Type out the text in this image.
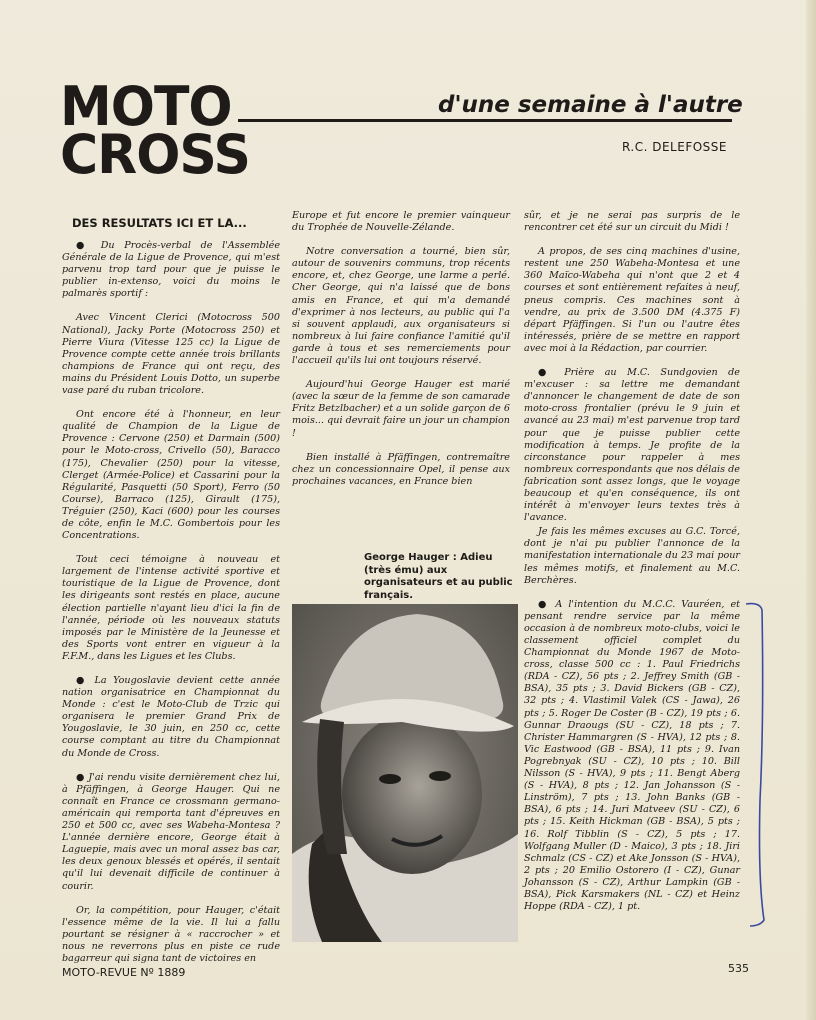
MOTO
CROSS
d'une semaine à l'autre
R.C. DELEFOSSE
DES RESULTATS ICI ET LA...

● Du Procès-verbal de l'Assemblée Générale de la Ligue de Provence, qui m'est parvenu trop tard pour que je puisse le publier in-extenso, voici du moins le palmarès sportif :

Avec Vincent Clerici (Motocross 500 National), Jacky Porte (Motocross 250) et Pierre Viura (Vitesse 125 cc) la Ligue de Provence compte cette année trois brillants champions de France qui ont reçu, des mains du Président Louis Dotto, un superbe vase paré du ruban tricolore.

Ont encore été à l'honneur, en leur qualité de Champion de la Ligue de Provence : Cervone (250) et Darmain (500) pour le Moto-cross, Crivello (50), Baracco (175), Chevalier (250) pour la vitesse, Clerget (Armée-Police) et Cassarini pour la Régularité, Pasquetti (50 Sport), Ferro (50 Course), Barraco (125), Girault (175), Tréguier (250), Kaci (600) pour les courses de côte, enfin le M.C. Gombertois pour les Concentrations.

Tout ceci témoigne à nouveau et largement de l'intense activité sportive et touristique de la Ligue de Provence, dont les dirigeants sont restés en place, aucune élection partielle n'ayant lieu d'ici la fin de l'année, période où les nouveaux statuts imposés par le Ministère de la Jeunesse et des Sports vont entrer en vigueur à la F.F.M., dans les Ligues et les Clubs.

● La Yougoslavie devient cette année nation organisatrice en Championnat du Monde : c'est le Moto-Club de Trzic qui organisera le premier Grand Prix de Yougoslavie, le 30 juin, en 250 cc, cette course comptant au titre du Championnat du Monde de Cross.

● J'ai rendu visite dernièrement chez lui, à Pfäffingen, à George Hauger. Qui ne connaît en France ce crossmann germano-américain qui remporta tant d'épreuves en 250 et 500 cc, avec ses Wabeha-Montesa ? L'année dernière encore, George était à Laguepie, mais avec un moral assez bas car, les deux genoux blessés et opérés, il sentait qu'il lui devenait difficile de continuer à courir.

Or, la compétition, pour Hauger, c'était l'essence même de la vie. Il lui a fallu pourtant se résigner à « raccrocher » et nous ne reverrons plus en piste ce rude bagarreur qui signa tant de victoires en

Europe et fut encore le premier vainqueur du Trophée de Nouvelle-Zélande.

Notre conversation a tourné, bien sûr, autour de souvenirs communs, trop récents encore, et, chez George, une larme a perlé. Cher George, qui n'a laissé que de bons amis en France, et qui m'a demandé d'exprimer à nos lecteurs, au public qui l'a si souvent applaudi, aux organisateurs si nombreux à lui faire confiance l'amitié qu'il garde à tous et ses remerciements pour l'accueil qu'ils lui ont toujours réservé.

Aujourd'hui George Hauger est marié (avec la sœur de la femme de son camarade Fritz Betzlbacher) et a un solide garçon de 6 mois... qui devrait faire un jour un champion !

Bien installé à Pfäffingen, contremaître chez un concessionnaire Opel, il pense aux prochaines vacances, en France bien

George Hauger : Adieu (très ému) aux organisateurs et au public français.

sûr, et je ne serai pas surpris de le rencontrer cet été sur un circuit du Midi !

A propos, de ses cinq machines d'usine, restent une 250 Wabeha-Montesa et une 360 Maïco-Wabeha qui n'ont que 2 et 4 courses et sont entièrement refaites à neuf, pneus compris. Ces machines sont à vendre, au prix de 3.500 DM (4.375 F) départ Pfäffingen. Si l'un ou l'autre êtes intéressés, prière de se mettre en rapport avec moi à la Rédaction, par courrier.

● Prière au M.C. Sundgovien de m'excuser : sa lettre me demandant d'annoncer le changement de date de son moto-cross frontalier (prévu le 9 juin et avancé au 23 mai) m'est parvenue trop tard pour que je puisse publier cette modification à temps. Je profite de la circonstance pour rappeler à mes nombreux correspondants que nos délais de fabrication sont assez longs, que le voyage beaucoup et qu'en conséquence, ils ont intérêt à m'envoyer leurs textes très à l'avance.

Je fais les mêmes excuses au G.C. Torcé, dont je n'ai pu publier l'annonce de la manifestation internationale du 23 mai pour les mêmes motifs, et finalement au M.C. Berchères.

● A l'intention du M.C.C. Vauréen, et pensant rendre service par la même occasion à de nombreux moto-clubs, voici le classement officiel complet du Championnat du Monde 1967 de Moto-cross, classe 500 cc : 1. Paul Friedrichs (RDA - CZ), 56 pts ; 2. Jeffrey Smith (GB - BSA), 35 pts ; 3. David Bickers (GB - CZ), 32 pts ; 4. Vlastimil Valek (CS - Jawa), 26 pts ; 5. Roger De Coster (B - CZ), 19 pts ; 6. Gunnar Draougs (SU - CZ), 18 pts ; 7. Christer Hammargren (S - HVA), 12 pts ; 8. Vic Eastwood (GB - BSA), 11 pts ; 9. Ivan Pogrebnyak (SU - CZ), 10 pts ; 10. Bill Nilsson (S - HVA), 9 pts ; 11. Bengt Aberg (S - HVA), 8 pts ; 12. Jan Johansson (S - Linström), 7 pts ; 13. John Banks (GB - BSA), 6 pts ; 14. Juri Matveev (SU - CZ), 6 pts ; 15. Keith Hickman (GB - BSA), 5 pts ; 16. Rolf Tibblin (S - CZ), 5 pts ; 17. Wolfgang Muller (D - Maico), 3 pts ; 18. Jiri Schmalz (CS - CZ) et Ake Jonsson (S - HVA), 2 pts ; 20 Emilio Ostorero (I - CZ), Gunar Johansson (S - CZ), Arthur Lampkin (GB - BSA), Pick Karsmakers (NL - CZ) et Heinz Hoppe (RDA - CZ), 1 pt.

MOTO-REVUE Nº 1889	535
